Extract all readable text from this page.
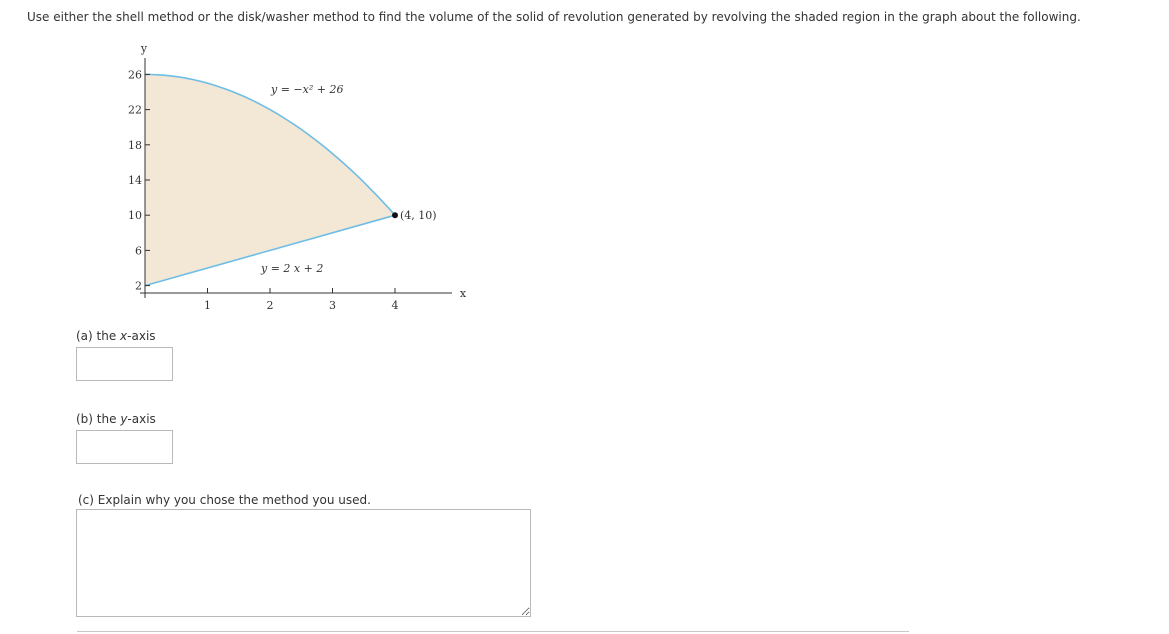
Use either the shell method or the disk/washer method to find the volume of the solid of revolution generated by revolving the shaded region in the graph about the following.
y
x
26
22
18
14
10
6
2
1	2	3	4
y = −x² + 26
y = 2 x + 2
(4, 10)
(a) the x-axis
(b) the y-axis
(c) Explain why you chose the method you used.
